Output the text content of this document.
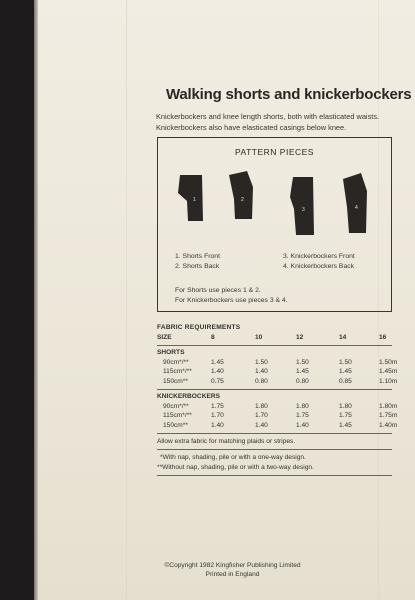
Walking shorts and knickerbockers
Knickerbockers and knee length shorts, both with elasticated waists. Knickerbockers also have elasticated casings below knee.
PATTERN PIECES
1	2
3	4
1. Shorts Front
2. Shorts Back
3. Knickerbockers Front
4. Knickerbockers Back
For Shorts use pieces 1 & 2.
For Knickerbockers use pieces 3 & 4.
FABRIC REQUIREMENTS
SIZE	8	10	12	14	16
SHORTS
90cm*/**	1.45	1.50	1.50	1.50	1.50m
115cm*/**	1.40	1.40	1.45	1.45	1.45m
150cm**	0.75	0.80	0.80	0.85	1.10m
KNICKERBOCKERS
90cm*/**	1.75	1.80	1.80	1.80	1.80m
115cm*/**	1.70	1.70	1.75	1.75	1.75m
150cm**	1.40	1.40	1.40	1.45	1.40m
Allow extra fabric for matching plaids or stripes.
*With nap, shading, pile or with a one-way design.
**Without nap, shading, pile or with a two-way design.
©Copyright 1982 Kingfisher Publishing Limited
Printed in England
